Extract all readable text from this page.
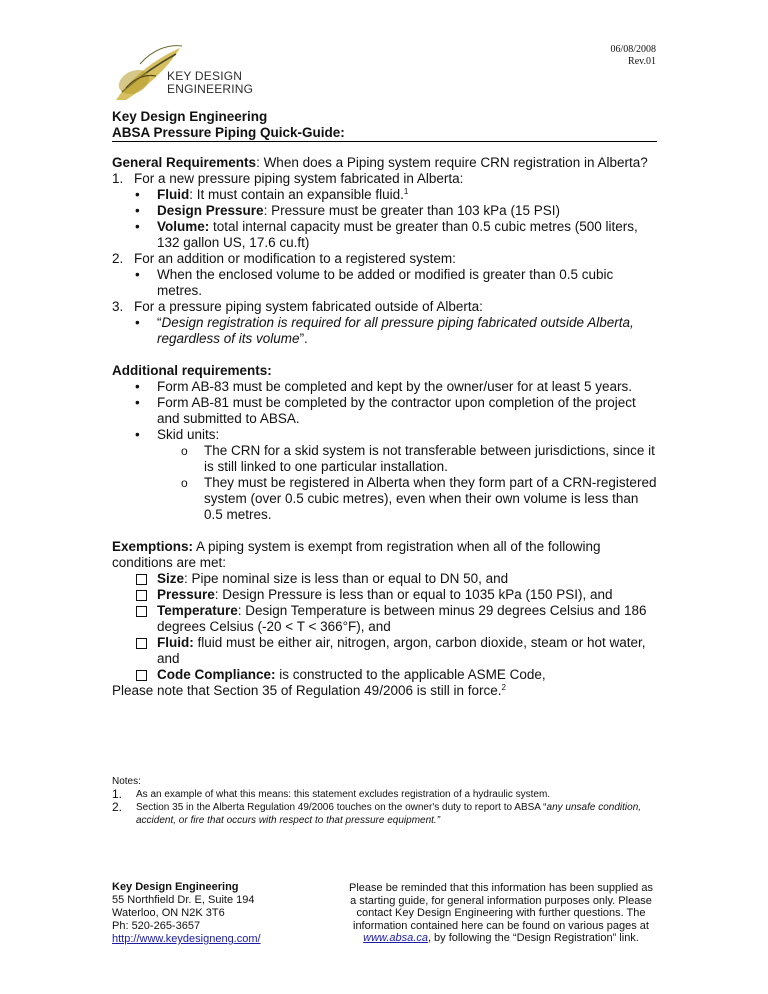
06/08/2008
Rev.01
KEY DESIGN
ENGINEERING
Key Design Engineering
ABSA Pressure Piping Quick-Guide:

General Requirements: When does a Piping system require CRN registration in Alberta?

1. For a new pressure piping system fabricated in Alberta:
• Fluid: It must contain an expansible fluid.$^1$
• Design Pressure: Pressure must be greater than 103 kPa (15 PSI)
• Volume: total internal capacity must be greater than 0.5 cubic metres (500 liters, 132 gallon US, 17.6 cu.ft)
2. For an addition or modification to a registered system:
• When the enclosed volume to be added or modified is greater than 0.5 cubic metres.
3. For a pressure piping system fabricated outside of Alberta:
• “Design registration is required for all pressure piping fabricated outside Alberta, regardless of its volume”.

Additional requirements:

• Form AB-83 must be completed and kept by the owner/user for at least 5 years.
• Form AB-81 must be completed by the contractor upon completion of the project and submitted to ABSA.
• Skid units:
o The CRN for a skid system is not transferable between jurisdictions, since it is still linked to one particular installation.
o They must be registered in Alberta when they form part of a CRN-registered system (over 0.5 cubic metres), even when their own volume is less than 0.5 metres.

Exemptions: A piping system is exempt from registration when all of the following conditions are met:

Size: Pipe nominal size is less than or equal to DN 50, and
Pressure: Design Pressure is less than or equal to 1035 kPa (150 PSI), and
Temperature: Design Temperature is between minus 29 degrees Celsius and 186 degrees Celsius (-20 < T < 366°F), and
Fluid: fluid must be either air, nitrogen, argon, carbon dioxide, steam or hot water, and
Code Compliance: is constructed to the applicable ASME Code,

Please note that Section 35 of Regulation 49/2006 is still in force.$^2$

Notes:
1. As an example of what this means: this statement excludes registration of a hydraulic system.
2. Section 35 in the Alberta Regulation 49/2006 touches on the owner's duty to report to ABSA “any unsafe condition, accident, or fire that occurs with respect to that pressure equipment.”
Key Design Engineering
55 Northfield Dr. E, Suite 194
Waterloo, ON N2K 3T6
Ph: 520-265-3657
http://www.keydesigneng.com/
Please be reminded that this information has been supplied as a starting guide, for general information purposes only. Please contact Key Design Engineering with further questions. The information contained here can be found on various pages at www.absa.ca, by following the “Design Registration” link.
